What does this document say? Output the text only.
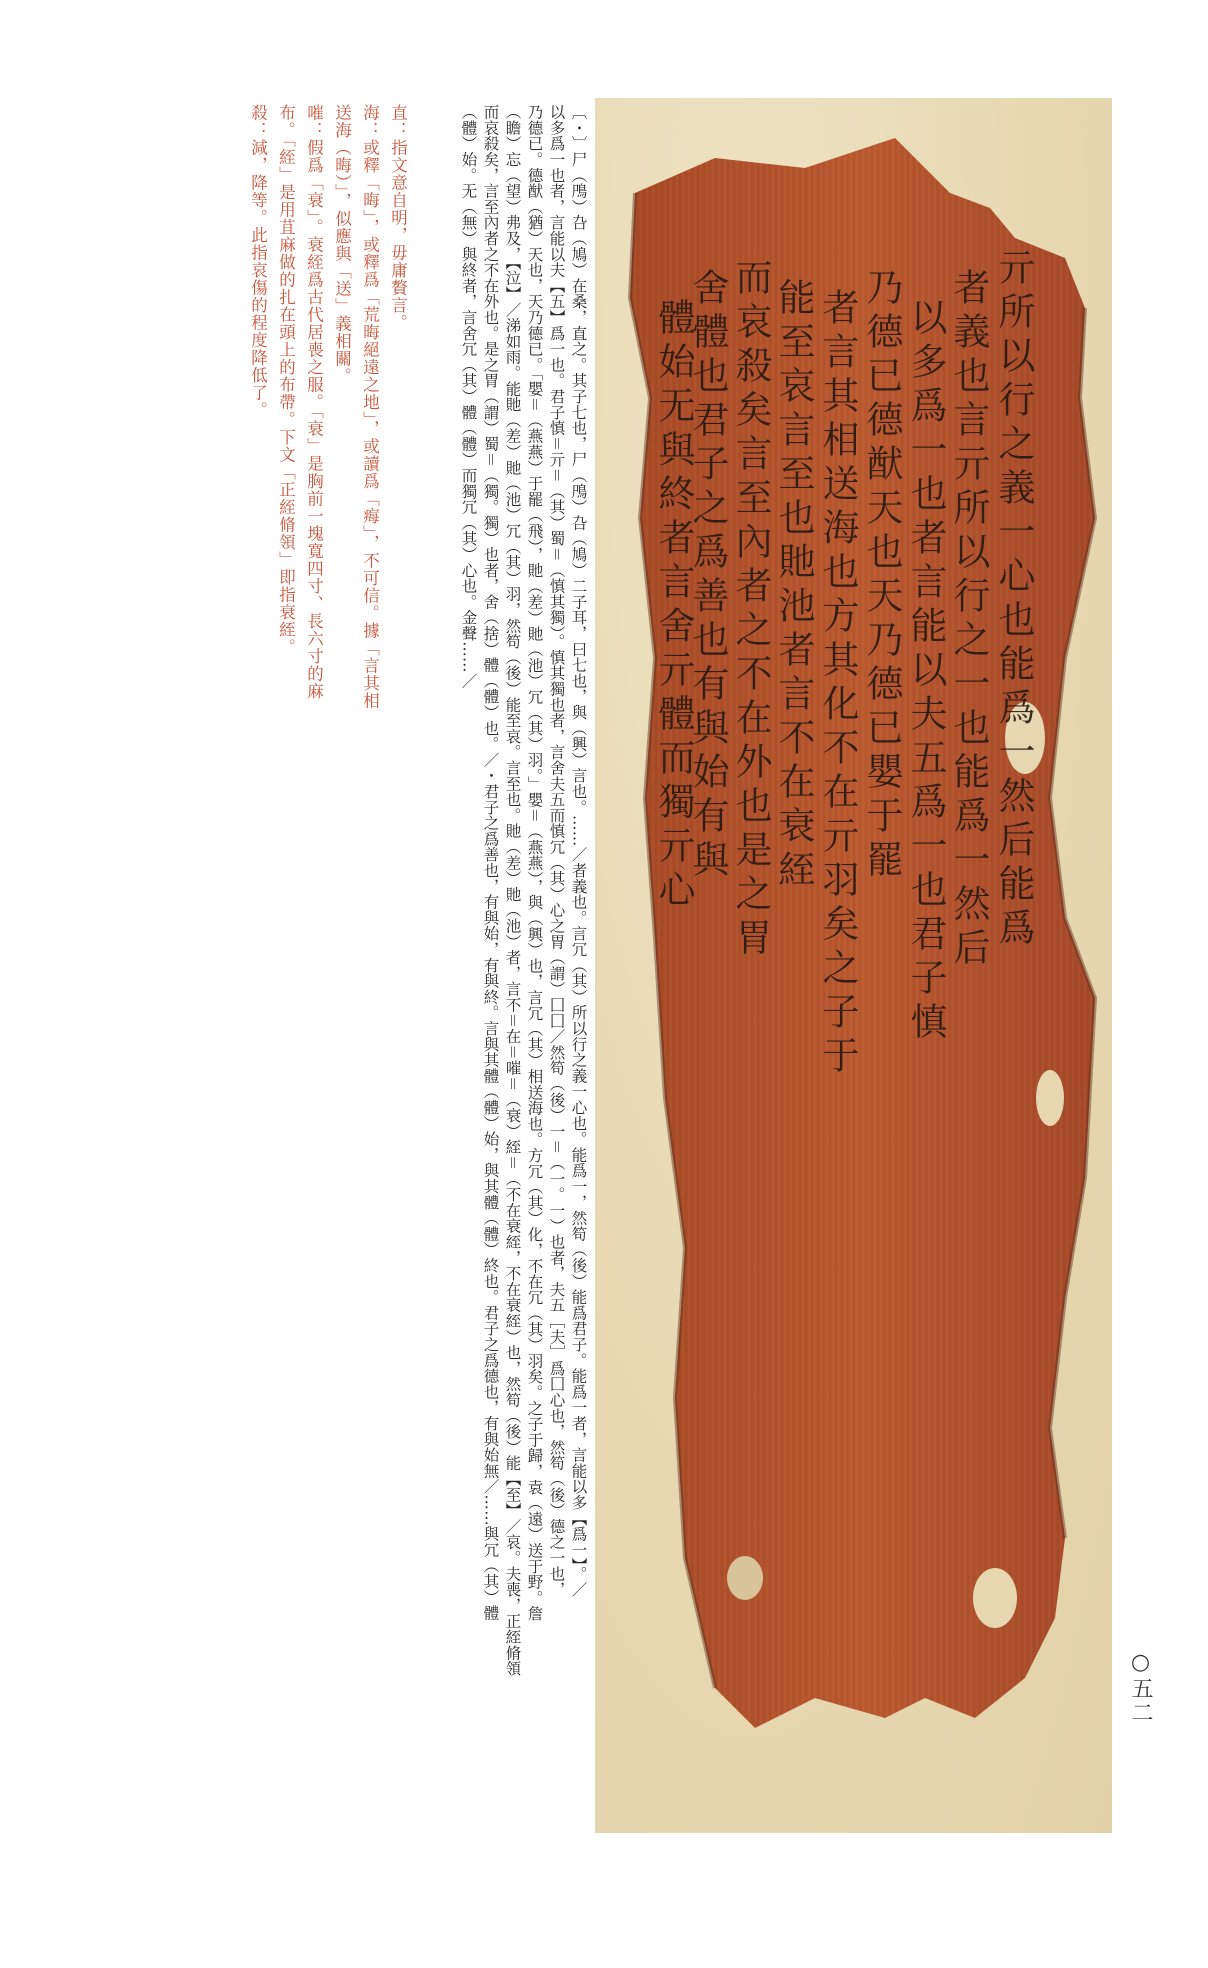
直：指文意自明，毋庸贅言。
海：或釋「晦」，或釋爲「荒晦絕遠之地」，或讀爲「痗」，不可信。據「言其相
送海（晦）」，似應與「送」義相關。
嗺：假爲「衰」。衰絰爲古代居喪之服。「衰」是胸前一塊寬四寸、長六寸的麻
布。「絰」是用苴麻做的扎在頭上的布帶。下文「正絰脩領」即指衰絰。
殺：減，降等。此指哀傷的程度降低了。	〔・〕尸（鳲）叴（鳩）在桑，直之。其子七也，尸（鳲）叴（鳩）二子耳，曰七也，與（興）言也。……／者義也。言冗（其）所以行之義一心也。能爲一，然笱（後）能爲君子。能爲一者，言能以多【爲一】。／
以多爲一也者，言能以夫【五】爲一也。君子慎＝亓＝（其）蜀＝（慎其獨）。慎其獨也者，言舍夫五而慎冗（其）心之胃（謂）囗囗／然笱（後）一＝（一。一）也者，夫五［夫］爲囗心也，然笱（後）德之一也，
乃德已。德猷（猶）天也，天乃德已。「嬰＝（燕燕）于罷（飛），貤（差）貤（池）冗（其）羽。」嬰＝（燕燕），與（興）也，言冗（其）相送海也。方冗（其）化，不在冗（其）羽矣。之子于歸，袁（遠）送于野。詹
（瞻）忘（望）弗及，【泣】／涕如雨。能貤（差）貤（池）冗（其）羽，然笱（後）能至哀。言至也。貤（差）貤（池）者，言不＝在＝嗺＝（衰）絰＝（不在衰絰，不在衰絰）也，然笱（後）能【至】／哀。夫喪，正絰脩領
而哀殺矣，言至內者之不在外也。是之胃（謂）蜀＝（獨。獨）也者，舍（捨）體（體）也。／・君子之爲善也，有與始，有與終。言與其體（體）始，與其體（體）終也。君子之爲德也，有與始無／……與冗（其）體
（體）始。无（無）與終者，言舍冗（其）體（體）而獨冗（其）心也。金聲……／	亓所以行之義一心也能爲一然后能爲
者義也言亓所以行之一也能爲一然后
以多爲一也者言能以夫五爲一也君子慎
乃德已德猷天也天乃德已嬰于罷
者言其相送海也方其化不在亓羽矣之子于
能至哀言至也貤池者言不在衰絰
而哀殺矣言至內者之不在外也是之胃
舍體也君子之爲善也有與始有與
體始无與終者言舍亓體而獨亓心
○五二
